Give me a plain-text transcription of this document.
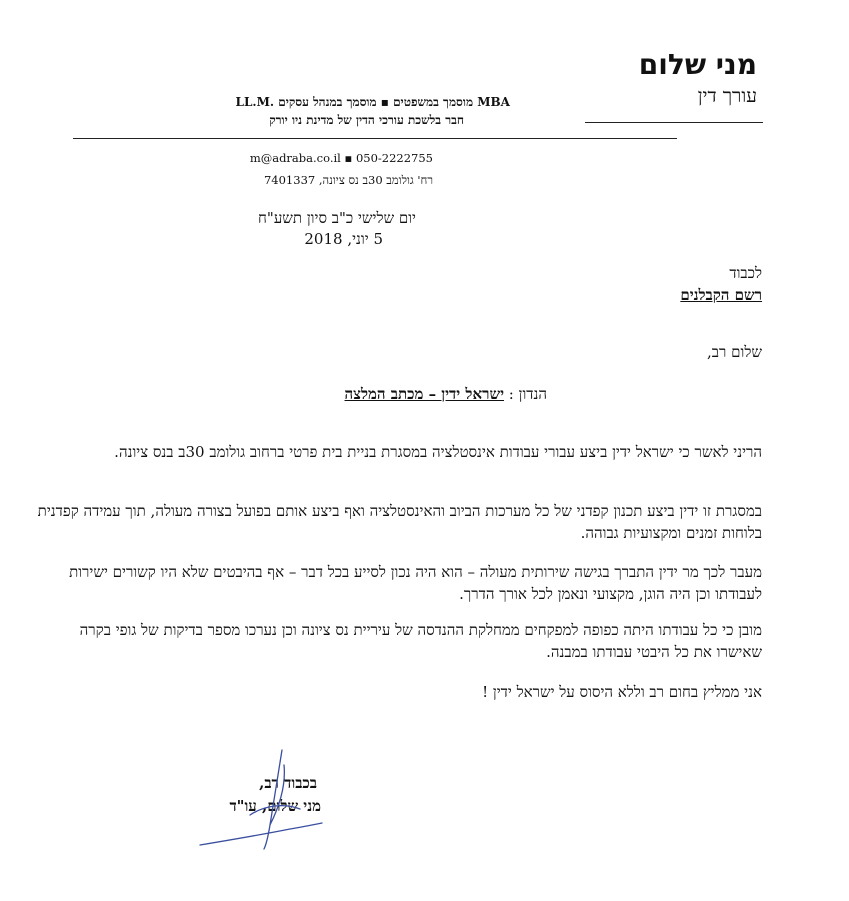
מני שלום
עורך דין
LL.M. מוסמך במשפטים ▪ מוסמך במנהל עסקים MBA
חבר בלשכת עורכי הדין של מדינת ניו יורק
m@adraba.co.il ▪ 050-2222755
רח' גולומב 30ב נס ציונה, 7401337
יום שלישי כ"ב סיון תשע"ח
5 יוני, 2018
לכבוד
רשם הקבלנים
שלום רב,
הנדון : ישראל ידין – מכתב המלצה
הריני לאשר כי ישראל ידין ביצע עבורי עבודות אינסטלציה במסגרת בניית בית פרטי ברחוב גולומב 30ב בנס ציונה.
במסגרת זו ידין ביצע תכנון קפדני של כל מערכות הביוב והאינסטלציה ואף ביצע אותם בפועל בצורה מעולה, תוך עמידה קפדנית בלוחות זמנים ומקצועיות גבוהה.
מעבר לכך מר ידין התברך בגישה שירותית מעולה – הוא היה נכון לסייע בכל דבר – אף בהיבטים שלא היו קשורים ישירות לעבודתו וכן היה הוגן, מקצועי ונאמן לכל אורך הדרך.
מובן כי כל עבודתו היתה כפופה למפקחים ממחלקת ההנדסה של עיריית נס ציונה וכן נערכו מספר בדיקות של גופי בקרה שאישרו את כל היבטי עבודתו במבנה.
אני ממליץ בחום רב וללא היסוס על ישראל ידין !
בכבוד רב,
מני שלום, עו"ד
